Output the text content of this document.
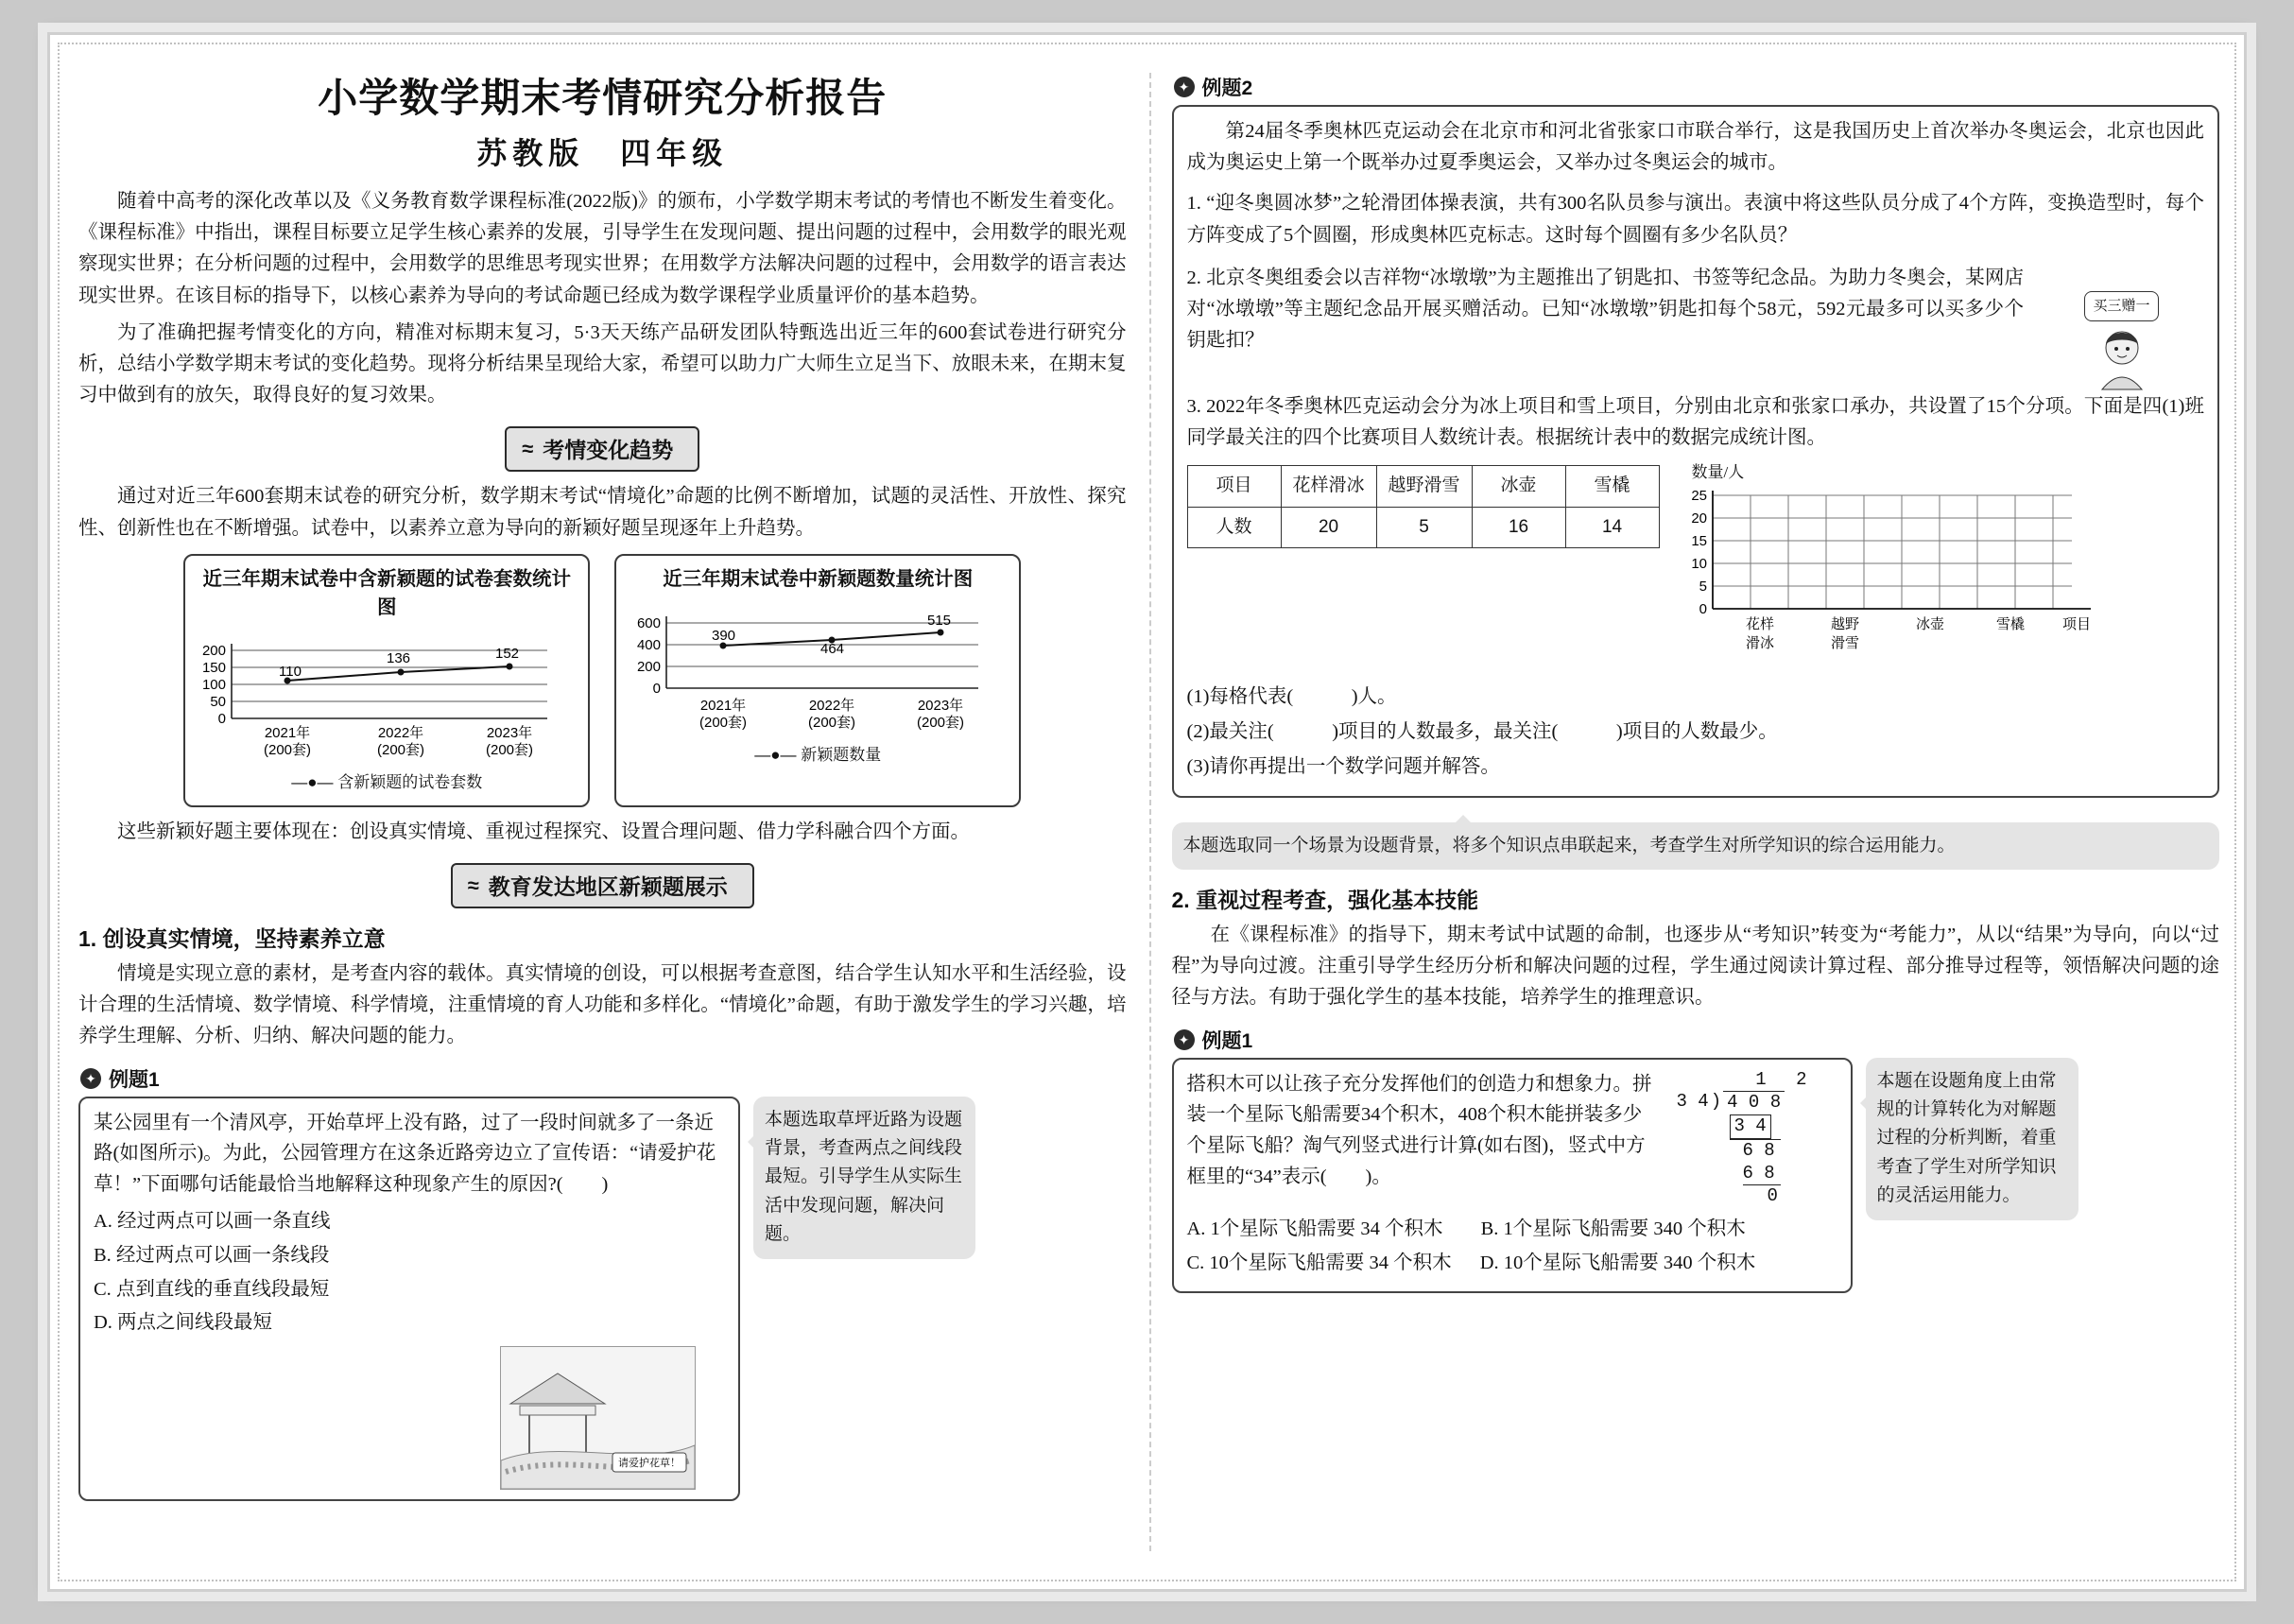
小学数学期末考情研究分析报告
苏教版　四年级

随着中高考的深化改革以及《义务教育数学课程标准(2022版)》的颁布，小学数学期末考试的考情也不断发生着变化。《课程标准》中指出，课程目标要立足学生核心素养的发展，引导学生在发现问题、提出问题的过程中，会用数学的眼光观察现实世界；在分析问题的过程中，会用数学的思维思考现实世界；在用数学方法解决问题的过程中，会用数学的语言表达现实世界。在该目标的指导下，以核心素养为导向的考试命题已经成为数学课程学业质量评价的基本趋势。

为了准确把握考情变化的方向，精准对标期末复习，5·3天天练产品研发团队特甄选出近三年的600套试卷进行研究分析，总结小学数学期末考试的变化趋势。现将分析结果呈现给大家，希望可以助力广大师生立足当下、放眼未来，在期末复习中做到有的放矢，取得良好的复习效果。

≈ 考情变化趋势

通过对近三年600套期末试卷的研究分析，数学期末考试“情境化”命题的比例不断增加，试题的灵活性、开放性、探究性、创新性也在不断增强。试卷中，以素养立意为导向的新颖好题呈现逐年上升趋势。

近三年期末试卷中含新颖题的试卷套数统计图
200
150
100
50
0
110
136	152
2021年
(200套)
2022年
(200套)
2023年
(200套)
—●— 含新颖题的试卷套数
近三年期末试卷中新颖题数量统计图
600
400
200
0
390
464
515
2021年
(200套)
2022年
(200套)
2023年
(200套)
—●— 新颖题数量

这些新颖好题主要体现在：创设真实情境、重视过程探究、设置合理问题、借力学科融合四个方面。

≈ 教育发达地区新颖题展示
1. 创设真实情境，坚持素养立意

情境是实现立意的素材，是考查内容的载体。真实情境的创设，可以根据考查意图，结合学生认知水平和生活经验，设计合理的生活情境、数学情境、科学情境，注重情境的育人功能和多样化。“情境化”命题，有助于激发学生的学习兴趣，培养学生理解、分析、归纳、解决问题的能力。

✦ 例题1
某公园里有一个清风亭，开始草坪上没有路，过了一段时间就多了一条近路(如图所示)。为此，公园管理方在这条近路旁边立了宣传语：“请爱护花草！”下面哪句话能最恰当地解释这种现象产生的原因?(　　)
A. 经过两点可以画一条直线
B. 经过两点可以画一条线段
C. 点到直线的垂直线段最短
D. 两点之间线段最短
请爱护花草！
本题选取草坪近路为设题背景，考查两点之间线段最短。引导学生从实际生活中发现问题，解决问题。
✦ 例题2

第24届冬季奥林匹克运动会在北京市和河北省张家口市联合举行，这是我国历史上首次举办冬奥运会，北京也因此成为奥运史上第一个既举办过夏季奥运会，又举办过冬奥运会的城市。

1. “迎冬奥圆冰梦”之轮滑团体操表演，共有300名队员参与演出。表演中将这些队员分成了4个方阵，变换造型时，每个方阵变成了5个圆圈，形成奥林匹克标志。这时每个圆圈有多少名队员？

2. 北京冬奥组委会以吉祥物“冰墩墩”为主题推出了钥匙扣、书签等纪念品。为助力冬奥会，某网店对“冰墩墩”等主题纪念品开展买赠活动。已知“冰墩墩”钥匙扣每个58元，592元最多可以买多少个钥匙扣？

买三赠一

3. 2022年冬季奥林匹克运动会分为冰上项目和雪上项目，分别由北京和张家口承办，共设置了15个分项。下面是四(1)班同学最关注的四个比赛项目人数统计表。根据统计表中的数据完成统计图。

项目	花样滑冰	越野滑雪	冰壶	雪橇
人数	20	5	16	14
数量/人
25
20
15
10
5
0
花样
滑冰
越野
滑雪
冰壶	雪橇	项目
(1)每格代表(　　　)人。
(2)最关注(　　　)项目的人数最多，最关注(　　　)项目的人数最少。
(3)请你再提出一个数学问题并解答。
本题选取同一个场景为设题背景，将多个知识点串联起来，考查学生对所学知识的综合运用能力。
2. 重视过程考查，强化基本技能

在《课程标准》的指导下，期末考试中试题的命制，也逐步从“考知识”转变为“考能力”，从以“结果”为导向，向以“过程”为导向过渡。注重引导学生经历分析和解决问题的过程，学生通过阅读计算过程、部分推导过程等，领悟解决问题的途径与方法。有助于强化学生的基本技能，培养学生的推理意识。

✦ 例题1
搭积木可以让孩子充分发挥他们的创造力和想象力。拼装一个星际飞船需要34个积木，408个积木能拼装多少个星际飞船？淘气列竖式进行计算(如右图)，竖式中方框里的“34”表示(　　)。
1 2
3 4 ) 4 0 8
3 4
6 8
6 8
0
A. 1个星际飞船需要 34 个积木 B. 1个星际飞船需要 340 个积木
C. 10个星际飞船需要 34 个积木 D. 10个星际飞船需要 340 个积木
本题在设题角度上由常规的计算转化为对解题过程的分析判断，着重考查了学生对所学知识的灵活运用能力。
